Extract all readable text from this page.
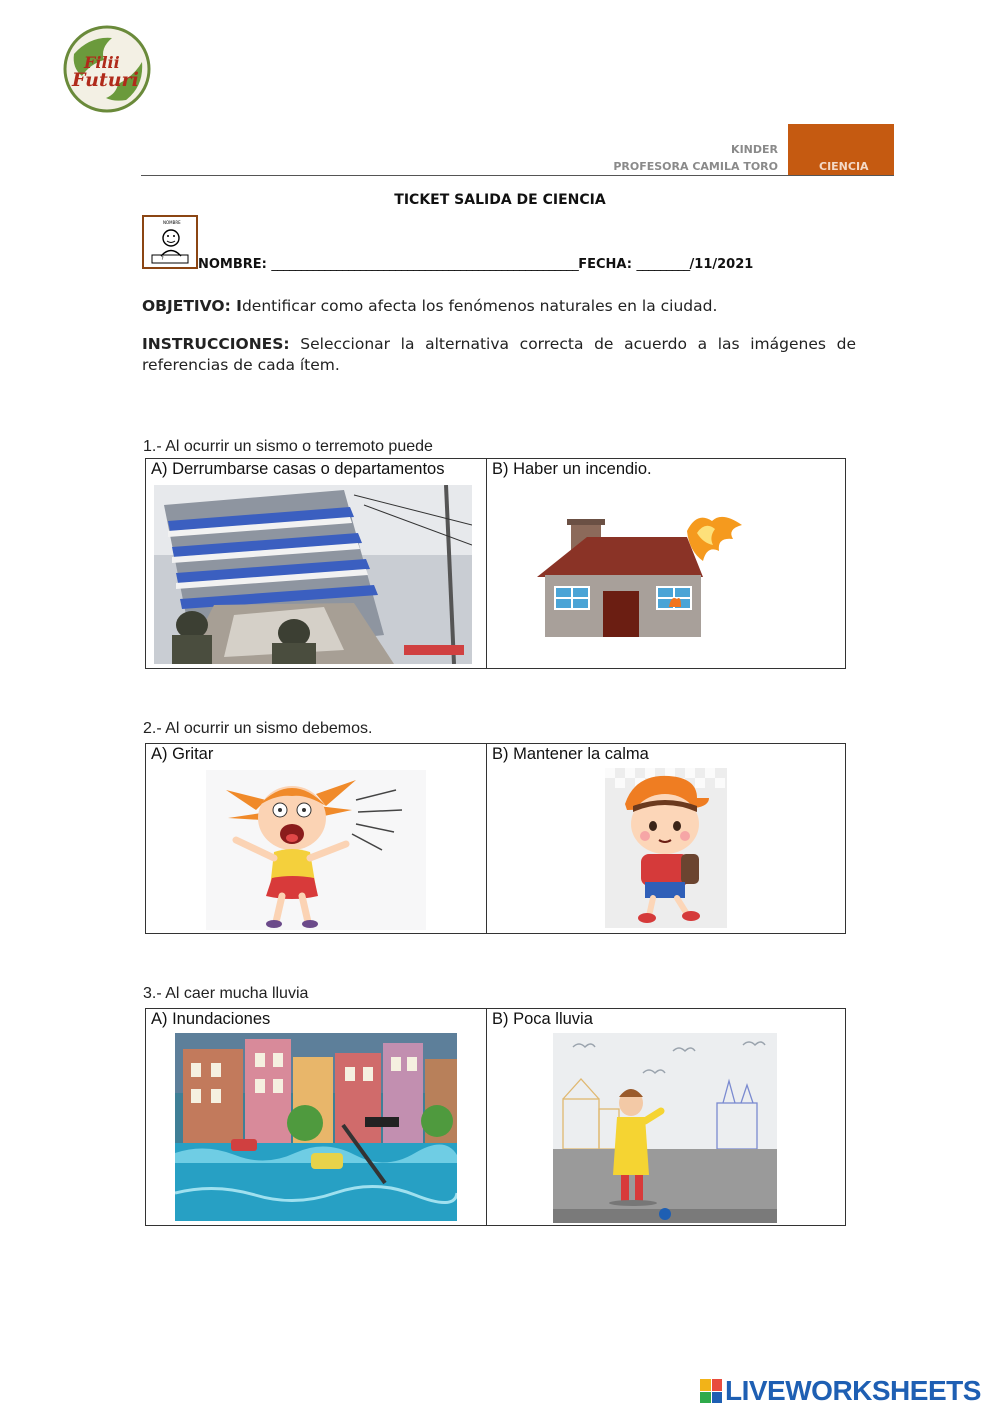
Filii
Futuri
KINDER
PROFESORA CAMILA TORO	CIENCIA
TICKET SALIDA DE CIENCIA
NOMBRE
?	NOMBRE: ____________________________________________________FECHA: _________/11/2021
OBJETIVO: Identificar como afecta los fenómenos naturales en la ciudad.
INSTRUCCIONES: Seleccionar la alternativa correcta de acuerdo a las imágenes de referencias de cada ítem.
1.- Al ocurrir un sismo o terremoto puede
A) Derrumbarse casas o departamentos	B) Haber un incendio.
2.- Al ocurrir un sismo debemos.
A) Gritar	B) Mantener la calma
3.- Al caer mucha lluvia
A) Inundaciones	B) Poca lluvia
LIVEWORKSHEETS
